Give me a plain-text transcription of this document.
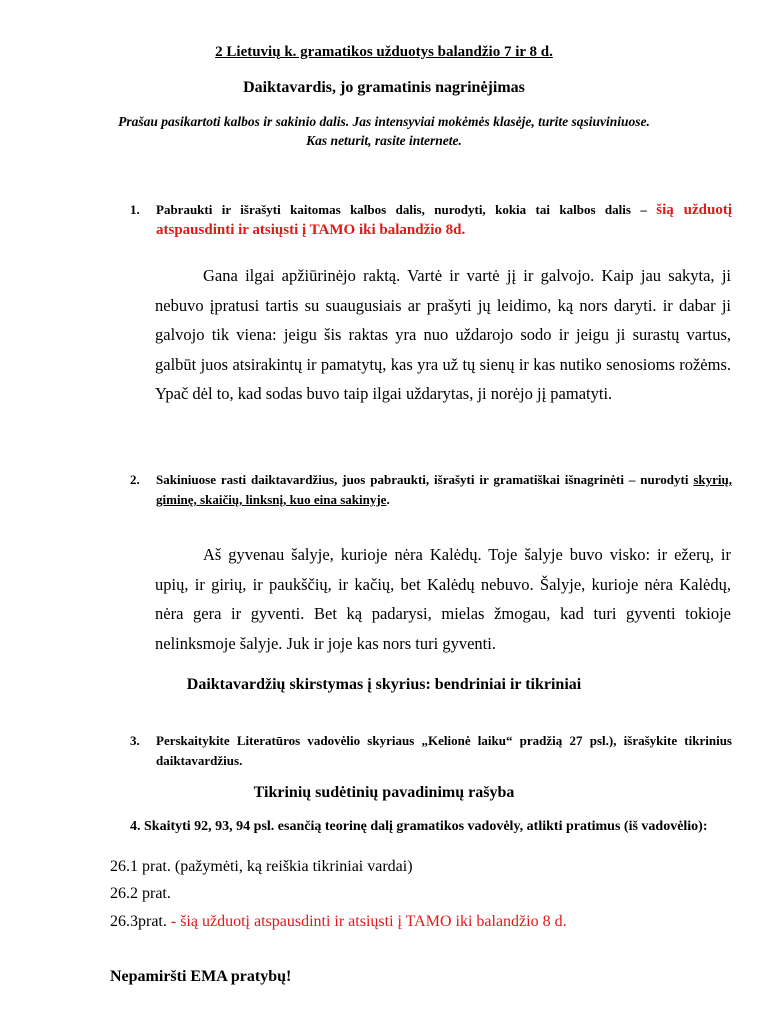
2 Lietuvių k. gramatikos užduotys balandžio 7 ir 8 d.
Daiktavardis, jo gramatinis nagrinėjimas
Prašau pasikartoti kalbos ir sakinio dalis. Jas intensyviai mokėmės klasėje, turite sąsiuviniuose.
Kas neturit, rasite internete.
1.	Pabraukti ir išrašyti kaitomas kalbos dalis, nurodyti, kokia tai kalbos dalis – šią užduotį atspausdinti ir atsiųsti į TAMO iki balandžio 8d.
Gana ilgai apžiūrinėjo raktą. Vartė ir vartė jį ir galvojo. Kaip jau sakyta, ji nebuvo įpratusi tartis su suaugusiais ar prašyti jų leidimo, ką nors daryti. ir dabar ji galvojo tik viena: jeigu šis raktas yra nuo uždarojo sodo ir jeigu ji surastų vartus, galbūt juos atsirakintų ir pamatytų, kas yra už tų sienų ir kas nutiko senosioms rožėms. Ypač dėl to, kad sodas buvo taip ilgai uždarytas, ji norėjo jį pamatyti.
2.	Sakiniuose rasti daiktavardžius, juos pabraukti, išrašyti ir gramatiškai išnagrinėti – nurodyti skyrių, giminę, skaičių, linksnį, kuo eina sakinyje.
Aš gyvenau šalyje, kurioje nėra Kalėdų. Toje šalyje buvo visko: ir ežerų, ir upių, ir girių, ir paukščių, ir kačių, bet Kalėdų nebuvo. Šalyje, kurioje nėra Kalėdų, nėra gera ir gyventi. Bet ką padarysi, mielas žmogau, kad turi gyventi tokioje nelinksmoje šalyje. Juk ir joje kas nors turi gyventi.
Daiktavardžių skirstymas į skyrius: bendriniai ir tikriniai
3.	Perskaitykite Literatūros vadovėlio skyriaus „Kelionė laiku“ pradžią 27 psl.), išrašykite tikrinius daiktavardžius.
Tikrinių sudėtinių pavadinimų rašyba
4. Skaityti 92, 93, 94 psl. esančią teorinę dalį gramatikos vadovėly, atlikti pratimus (iš vadovėlio):
26.1 prat. (pažymėti, ką reiškia tikriniai vardai)
26.2 prat.
26.3prat. - šią užduotį atspausdinti ir atsiųsti į TAMO iki balandžio 8 d.
Nepamiršti EMA pratybų!
